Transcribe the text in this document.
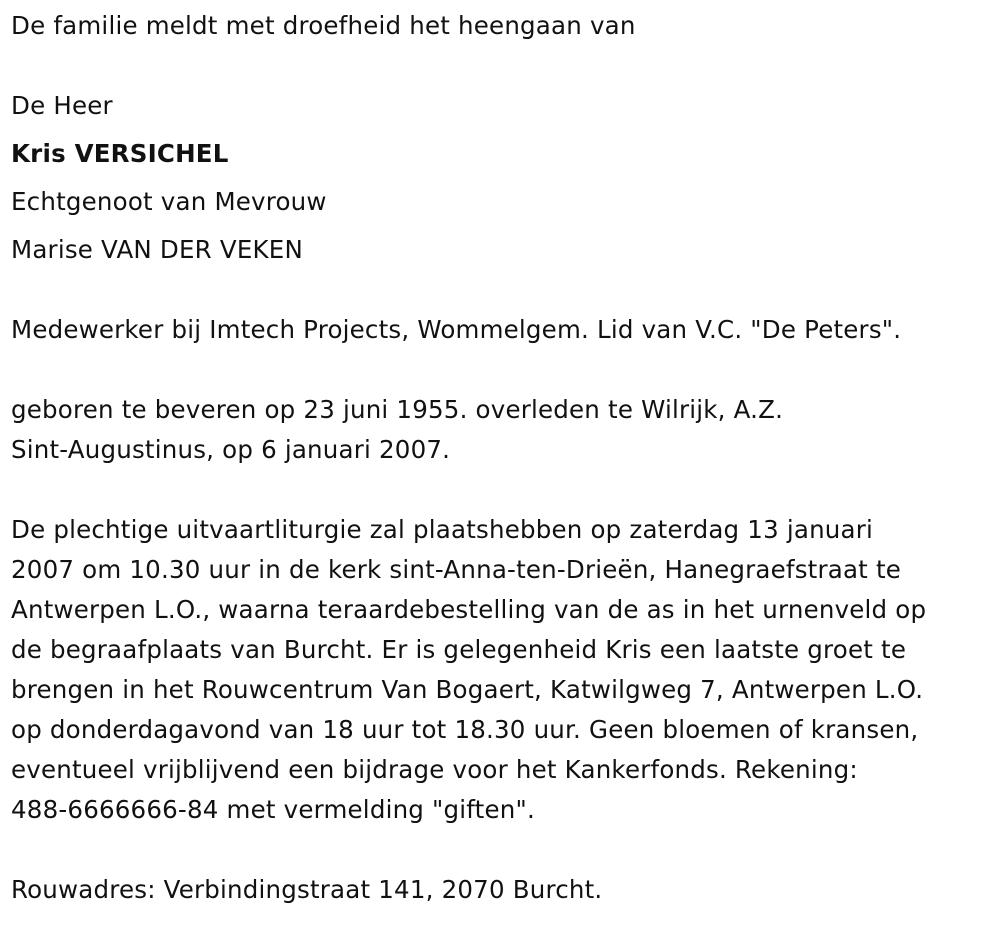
De familie meldt met droefheid het heengaan van
De Heer
Kris VERSICHEL
Echtgenoot van Mevrouw
Marise VAN DER VEKEN
Medewerker bij Imtech Projects, Wommelgem. Lid van V.C. "De Peters".
geboren te beveren op 23 juni 1955. overleden te Wilrijk, A.Z.
Sint-Augustinus, op 6 januari 2007.
De plechtige uitvaartliturgie zal plaatshebben op zaterdag 13 januari
2007 om 10.30 uur in de kerk sint-Anna-ten-Drieën, Hanegraefstraat te
Antwerpen L.O., waarna teraardebestelling van de as in het urnenveld op
de begraafplaats van Burcht. Er is gelegenheid Kris een laatste groet te
brengen in het Rouwcentrum Van Bogaert, Katwilgweg 7, Antwerpen L.O.
op donderdagavond van 18 uur tot 18.30 uur. Geen bloemen of kransen,
eventueel vrijblijvend een bijdrage voor het Kankerfonds. Rekening:
488-6666666-84 met vermelding "giften".
Rouwadres: Verbindingstraat 141, 2070 Burcht.
